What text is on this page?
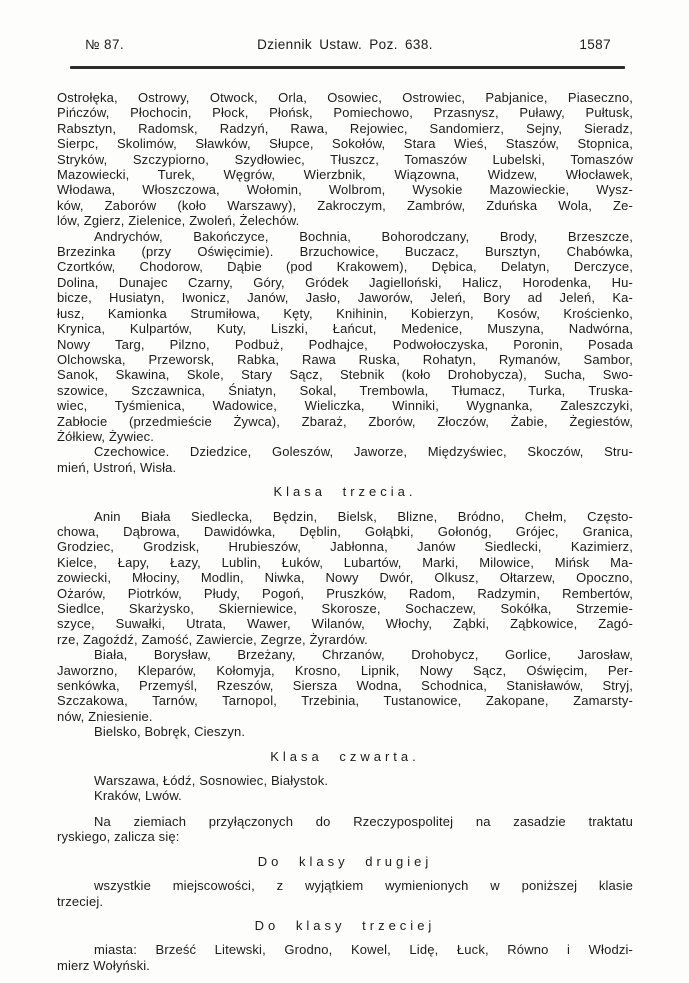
№ 87.	Dziennik Ustaw. Poz. 638.	1587
Ostrołęka, Ostrowy, Otwock, Orla, Osowiec, Ostrowiec, Pabjanice, Piaseczno,
Pińczów, Płochocin, Płock, Płońsk, Pomiechowo, Przasnysz, Puławy, Pułtusk,
Rabsztyn, Radomsk, Radzyń, Rawa, Rejowiec, Sandomierz, Sejny, Sieradz,
Sierpc, Skolimów, Sławków, Słupce, Sokołów, Stara Wieś, Staszów, Stopnica,
Stryków, Szczypiorno, Szydłowiec, Tłuszcz, Tomaszów Lubelski, Tomaszów
Mazowiecki, Turek, Węgrów, Wierzbnik, Wiązowna, Widzew, Włocławek,
Włodawa, Włoszczowa, Wołomin, Wolbrom, Wysokie Mazowieckie, Wysz-
ków, Zaborów (koło Warszawy), Zakroczym, Zambrów, Zduńska Wola, Ze-
lów, Zgierz, Zielenice, Zwoleń, Żelechów.
Andrychów, Bakończyce, Bochnia, Bohorodczany, Brody, Brzeszcze,
Brzezinka (przy Oświęcimie). Brzuchowice, Buczacz, Bursztyn, Chabówka,
Czortków, Chodorow, Dąbie (pod Krakowem), Dębica, Delatyn, Derczyce,
Dolina, Dunajec Czarny, Góry, Gródek Jagielloński, Halicz, Horodenka, Hu-
bicze, Husiatyn, Iwonicz, Janów, Jasło, Jaworów, Jeleń, Bory ad Jeleń, Ka-
łusz, Kamionka Strumiłowa, Kęty, Knihinin, Kobierzyn, Kosów, Krościenko,
Krynica, Kulpartów, Kuty, Liszki, Łańcut, Medenice, Muszyna, Nadwórna,
Nowy Targ, Pilzno, Podbuż, Podhajce, Podwołoczyska, Poronin, Posada
Olchowska, Przeworsk, Rabka, Rawa Ruska, Rohatyn, Rymanów, Sambor,
Sanok, Skawina, Skole, Stary Sącz, Stebnik (koło Drohobycza), Sucha, Swo-
szowice, Szczawnica, Śniatyn, Sokal, Trembowla, Tłumacz, Turka, Truska-
wiec, Tyśmienica, Wadowice, Wieliczka, Winniki, Wygnanka, Zaleszczyki,
Zabłocie (przedmieście Żywca), Zbaraż, Zborów, Złoczów, Żabie, Żegiestów,
Żółkiew, Żywiec.
Czechowice. Dziedzice, Goleszów, Jaworze, Międzyświec, Skoczów, Stru-
mień, Ustroń, Wisła.
Klasa trzecia.
Anin Biała Siedlecka, Będzin, Bielsk, Blizne, Bródno, Chełm, Często-
chowa, Dąbrowa, Dawidówka, Dęblin, Gołąbki, Gołonóg, Grójec, Granica,
Grodziec, Grodzisk, Hrubieszów, Jabłonna, Janów Siedlecki, Kazimierz,
Kielce, Łapy, Łazy, Lublin, Łuków, Lubartów, Marki, Milowice, Mińsk Ma-
zowiecki, Młociny, Modlin, Niwka, Nowy Dwór, Olkusz, Ołtarzew, Opoczno,
Ożarów, Piotrków, Płudy, Pogoń, Pruszków, Radom, Radzymin, Rembertów,
Siedlce, Skarżysko, Skierniewice, Skorosze, Sochaczew, Sokółka, Strzemie-
szyce, Suwałki, Utrata, Wawer, Wilanów, Włochy, Ząbki, Ząbkowice, Zagó-
rze, Zagoźdź, Zamość, Zawiercie, Zegrze, Żyrardów.
Biała, Borysław, Brzeżany, Chrzanów, Drohobycz, Gorlice, Jarosław,
Jaworzno, Kleparów, Kołomyja, Krosno, Lipnik, Nowy Sącz, Oświęcim, Per-
senkówka, Przemyśl, Rzeszów, Siersza Wodna, Schodnica, Stanisławów, Stryj,
Szczakowa, Tarnów, Tarnopol, Trzebinia, Tustanowice, Zakopane, Zamarsty-
nów, Zniesienie.
Bielsko, Bobręk, Cieszyn.
Klasa czwarta.
Warszawa, Łódź, Sosnowiec, Białystok.
Kraków, Lwów.
Na ziemiach przyłączonych do Rzeczypospolitej na zasadzie traktatu
ryskiego, zalicza się:
Do klasy drugiej
wszystkie miejscowości, z wyjątkiem wymienionych w poniższej klasie
trzeciej.
Do klasy trzeciej
miasta: Brześć Litewski, Grodno, Kowel, Lidę, Łuck, Równo i Włodzi-
mierz Wołyński.
